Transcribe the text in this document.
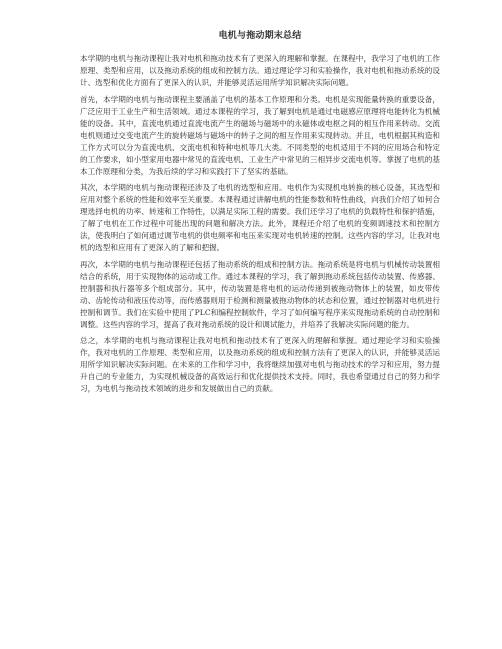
电机与拖动期末总结

本学期的电机与拖动课程让我对电机和拖动技术有了更深入的理解和掌握。在课程中，我学习了电机的工作原理、类型和应用，以及拖动系统的组成和控制方法。通过理论学习和实验操作，我对电机和拖动系统的设计、选型和优化方面有了更深入的认识，并能够灵活运用所学知识解决实际问题。

首先，本学期的电机与拖动课程主要涵盖了电机的基本工作原理和分类。电机是实现能量转换的重要设备，广泛应用于工业生产和生活领域。通过本课程的学习，我了解到电机是通过电磁感应原理将电能转化为机械能的设备。其中，直流电机通过直流电流产生的磁场与磁场中的永磁体或电枢之间的相互作用来转动。交流电机则通过交变电流产生的旋转磁场与磁场中的转子之间的相互作用来实现转动。并且，电机根据其构造和工作方式可以分为直流电机、交流电机和特种电机等几大类。不同类型的电机适用于不同的应用场合和特定的工作要求，如小型家用电器中常见的直流电机、工业生产中常见的三相异步交流电机等。掌握了电机的基本工作原理和分类，为我后续的学习和实践打下了坚实的基础。

其次，本学期的电机与拖动课程还涉及了电机的选型和应用。电机作为实现机电转换的核心设备，其选型和应用对整个系统的性能和效率至关重要。本课程通过讲解电机的性能参数和特性曲线，向我们介绍了如何合理选择电机的功率、转速和工作特性，以满足实际工程的需要。我们还学习了电机的负载特性和保护措施，了解了电机在工作过程中可能出现的问题和解决方法。此外，课程还介绍了电机的变频调速技术和控制方法，使我明白了如何通过调节电机的供电频率和电压来实现对电机转速的控制。这些内容的学习，让我对电机的选型和应用有了更深入的了解和把握。

再次，本学期的电机与拖动课程还包括了拖动系统的组成和控制方法。拖动系统是将电机与机械传动装置相结合的系统，用于实现物体的运动或工作。通过本课程的学习，我了解到拖动系统包括传动装置、传感器、控制器和执行器等多个组成部分。其中，传动装置是将电机的运动传递到被拖动物体上的装置，如皮带传动、齿轮传动和液压传动等，而传感器则用于检测和测量被拖动物体的状态和位置，通过控制器对电机进行控制和调节。我们在实验中使用了PLC和编程控制软件，学习了如何编写程序来实现拖动系统的自动控制和调整。这些内容的学习，提高了我对拖动系统的设计和调试能力，并培养了我解决实际问题的能力。

总之，本学期的电机与拖动课程让我对电机和拖动技术有了更深入的理解和掌握。通过理论学习和实验操作，我对电机的工作原理、类型和应用，以及拖动系统的组成和控制方法有了更深入的认识，并能够灵活运用所学知识解决实际问题。在未来的工作和学习中，我将继续加强对电机与拖动技术的学习和应用，努力提升自己的专业能力，为实现机械设备的高效运行和优化提供技术支持。同时，我也希望通过自己的努力和学习，为电机与拖动技术领域的进步和发展做出自己的贡献。
